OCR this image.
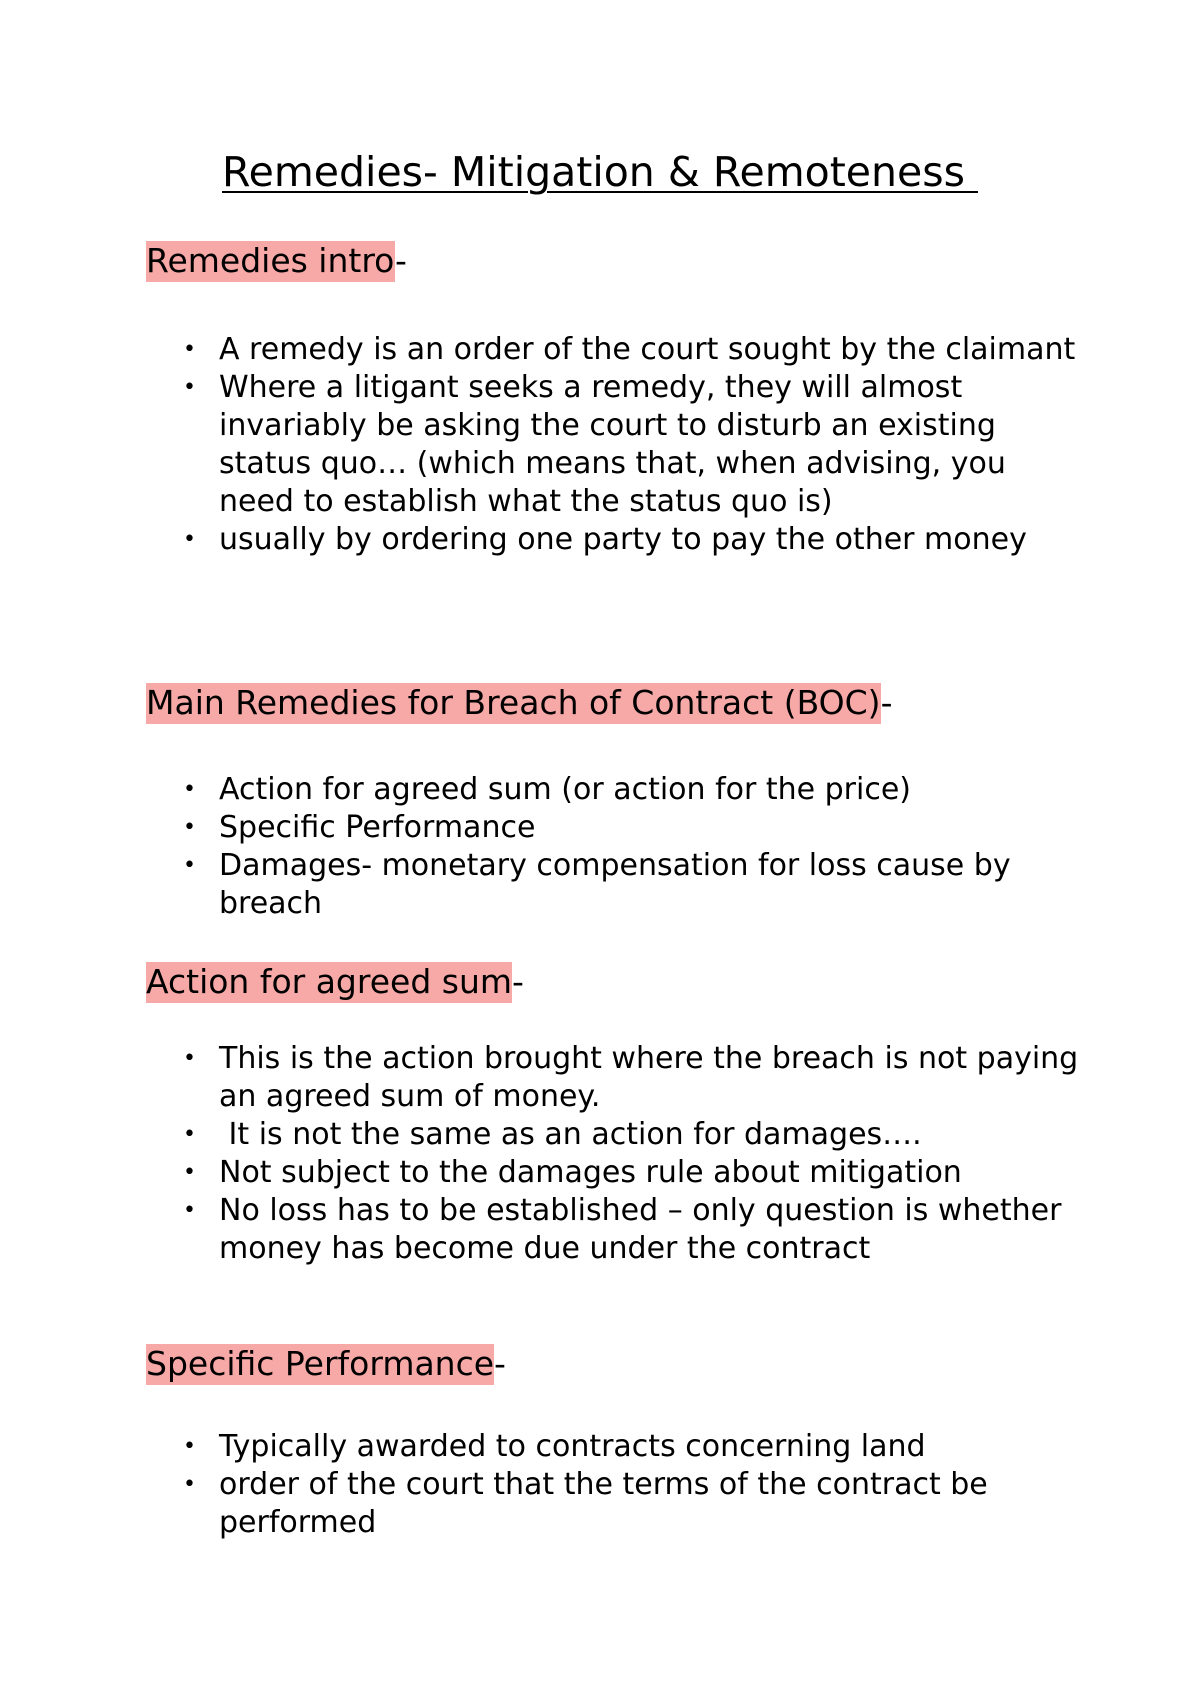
Remedies- Mitigation & Remoteness
Remedies intro-
• A remedy is an order of the court sought by the claimant
• Where a litigant seeks a remedy, they will almost invariably be asking the court to disturb an existing status quo… (which means that, when advising, you need to establish what the status quo is)
• usually by ordering one party to pay the other money
Main Remedies for Breach of Contract (BOC)-
• Action for agreed sum (or action for the price)
• Specific Performance
• Damages- monetary compensation for loss cause by breach
Action for agreed sum-
• This is the action brought where the breach is not paying an agreed sum of money.
• It is not the same as an action for damages….
• Not subject to the damages rule about mitigation
• No loss has to be established – only question is whether money has become due under the contract
Specific Performance-
• Typically awarded to contracts concerning land
• order of the court that the terms of the contract be performed
